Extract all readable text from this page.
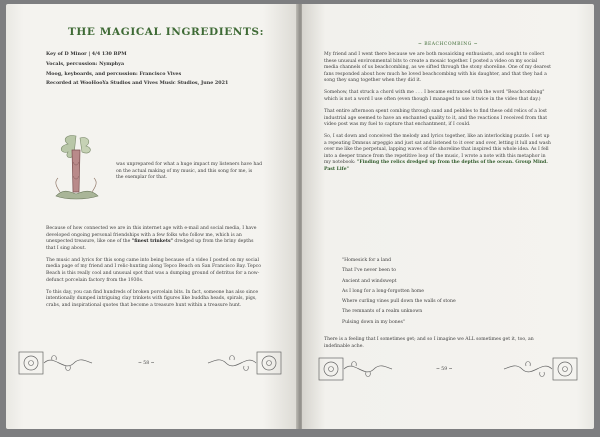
THE MAGICAL INGREDIENTS:
Key of D Minor | 4/4 130 BPM
Vocals, percussion: Nymphya
Moog, keyboards, and percussion: Francisco Vives
Recorded at WooHooYa Studios and Vives Music Studios, June 2021
I	was unprepared for what a huge impact my listeners have had
on the actual making of my music, and this song for me, is
the exemplar for that.

Because of how connected we are in this internet age with e-mail and social media, I have developed ongoing personal friendships with a few folks who follow me, which is an unexpected treasure, like one of the "finest trinkets" dredged up from the briny depths that I sing about.

The music and lyrics for this song came into being because of a video I posted on my social media page of my friend and I relic-hunting along Tepco Beach on San Francisco Bay. Tepco Beach is this really cool and unusual spot that was a dumping ground of detritus for a now-defunct porcelain factory from the 1930s.

To this day, you can find hundreds of broken porcelain bits. In fact, someone has also since intentionally dumped intriguing clay trinkets with figures like buddha heads, spirals, pigs, crabs, and inspirational quotes that become a treasure hunt within a treasure hunt.

~ 58 ~
~ BEACHCOMBING ~

My friend and I went there because we are both mosaicking enthusiasts, and sought to collect these unusual environmental bits to create a mosaic together. I posted a video on my social media channels of us beachcombing, as we sifted through the stony shoreline. One of my dearest fans responded about how much he loved beachcombing with his daughter, and that they had a song they sang together when they did it.

Somehow, that struck a chord with me . . . I became entranced with the word "Beachcombing" which is not a word I use often (even though I managed to use it twice in the video that day.)

That entire afternoon spent combing through sand and pebbles to find these odd relics of a lost industrial age seemed to have an enchanted quality to it, and the reactions I received from that video post was my fuel to capture that enchantment, if I could.

So, I sat down and conceived the melody and lyrics together, like an interlocking puzzle. I set up a repeating Dmnsus arpeggio and just sat and listened to it over and over, letting it lull and wash over me like the perpetual, lapping waves of the shoreline that inspired this whole idea. As I fell into a deeper trance from the repetitive loop of the music, I wrote a note with this metaphor in my notebook: "Finding the relics dredged up from the depths of the ocean. Group Mind. Past Life"

"Homesick for a land
That I've never been to
Ancient and windswept
As I long for a long-forgotten home
Where curling vines pull down the walls of stone
The remnants of a realm unknown
Pulsing down in my bones"

There is a feeling that I sometimes get; and so I imagine we ALL sometimes get it, too, an indefinable ache.

~ 59 ~
